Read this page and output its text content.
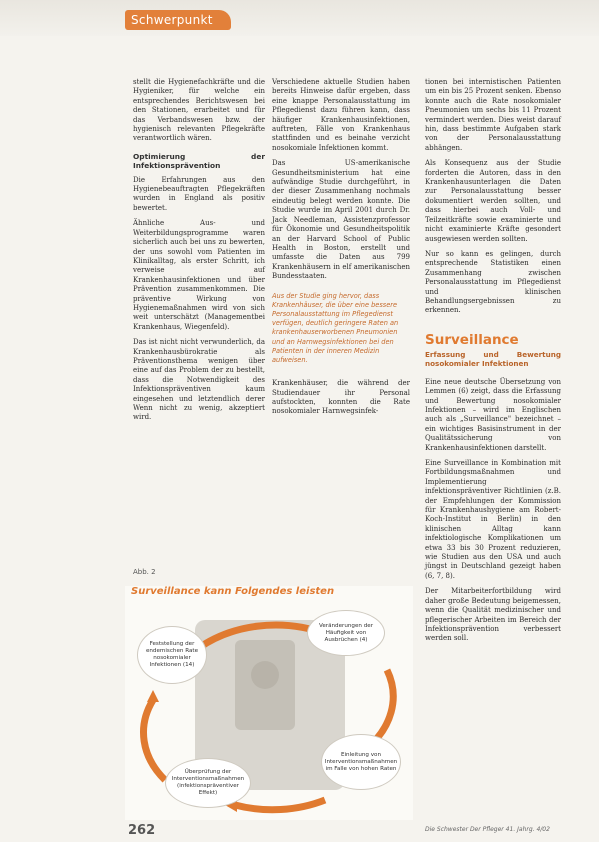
Schwerpunkt

stellt die Hygienefachkräfte und die Hygieniker, für welche ein entsprechendes Berichtswesen bei den Stationen, erarbeitet und für das Verbandswesen bzw. der hygienisch relevanten Pflegekräfte verantwortlich wären.

Optimierung der Infektionsprävention

Die Erfahrungen aus den Hygienebeauftragten Pflegekräften wurden in England als positiv bewertet.

Ähnliche Aus- und Weiterbildungsprogramme waren sicherlich auch bei uns zu bewerten, der uns sowohl vom Patienten im Klinikalltag, als erster Schritt, ich verweise auf Krankenhausinfektionen und über Prävention zusammenkommen. Die präventive Wirkung von Hygienemaßnahmen wird von sich weit unterschätzt (Managementbei Krankenhaus, Wiegenfeld).

Das ist nicht nicht verwunderlich, da Krankenhausbürokratie als Präventionsthema wenigen über eine auf das Problem der zu bestellt, dass die Notwendigkeit des Infektionspräventiven kaum eingesehen und letztendlich derer Wenn nicht zu wenig, akzeptiert wird.

Verschiedene aktuelle Studien haben bereits Hinweise dafür ergeben, dass eine knappe Personalausstattung im Pflegedienst dazu führen kann, dass häufiger Krankenhausinfektionen, auftreten, Fälle von Krankenhaus stattfinden und es beinahe verzicht nosokomiale Infektionen kommt.

Das US-amerikanische Gesundheitsministerium hat eine aufwändige Studie durchgeführt, in der dieser Zusammenhang nochmals eindeutig belegt werden konnte. Die Studie wurde im April 2001 durch Dr. Jack Needleman, Assistenzprofessor für Ökonomie und Gesundheitspolitik an der Harvard School of Public Health in Boston, erstellt und umfasste die Daten aus 799 Krankenhäusern in elf amerikanischen Bundesstaaten.

Aus der Studie ging hervor, dass Krankenhäuser, die über eine bessere Personalausstattung im Pflegedienst verfügen, deutlich geringere Raten an krankenhauserworbenen Pneumonien und an Harnwegsinfektionen bei den Patienten in der inneren Medizin aufweisen.

Krankenhäuser, die während der Studiendauer ihr Personal aufstockten, konnten die Rate nosokomialer Harnwegsinfek-

tionen bei internistischen Patienten um ein bis 25 Prozent senken. Ebenso konnte auch die Rate nosokomialer Pneumonien um sechs bis 11 Prozent vermindert werden. Dies weist darauf hin, dass bestimmte Aufgaben stark von der Personalausstattung abhängen.

Als Konsequenz aus der Studie forderten die Autoren, dass in den Krankenhausunterlagen die Daten zur Personalausstattung besser dokumentiert werden sollten, und dass hierbei auch Voll- und Teilzeitkräfte sowie examinierte und nicht examinierte Kräfte gesondert ausgewiesen werden sollten.

Nur so kann es gelingen, durch entsprechende Statistiken einen Zusammenhang zwischen Personalausstattung im Pflegedienst und klinischen Behandlungsergebnissen zu erkennen.

Surveillance
Erfassung und Bewertung nosokomialer Infektionen

Eine neue deutsche Übersetzung von Lemmen (6) zeigt, dass die Erfassung und Bewertung nosokomialer Infektionen – wird im Englischen auch als „Surveillance" bezeichnet – ein wichtiges Basisinstrument in der Qualitätssicherung von Krankenhausinfektionen darstellt.

Eine Surveillance in Kombination mit Fortbildungsmaßnahmen und Implementierung infektionspräventiver Richtlinien (z.B. der Empfehlungen der Kommission für Krankenhaushygiene am Robert-Koch-Institut in Berlin) in den klinischen Alltag kann infektiologische Komplikationen um etwa 33 bis 30 Prozent reduzieren, wie Studien aus den USA und auch jüngst in Deutschland gezeigt haben (6, 7, 8).

Der Mitarbeiterfortbildung wird daher große Bedeutung beigemessen, wenn die Qualität medizinischer und pflegerischer Arbeiten im Bereich der Infektionsprävention verbessert werden soll.

Abb. 2
Surveillance kann Folgendes leisten
Feststellung der endemischen Rate nosokomialer Infektionen (14)
Veränderungen der Häufigkeit von Ausbrüchen (4)
Einleitung von Interventionsmaßnahmen im Falle von hohen Raten
Überprüfung der Interventionsmaßnahmen (infektionspräventiver Effekt)
262	Die Schwester Der Pfleger 41. Jahrg. 4/02
